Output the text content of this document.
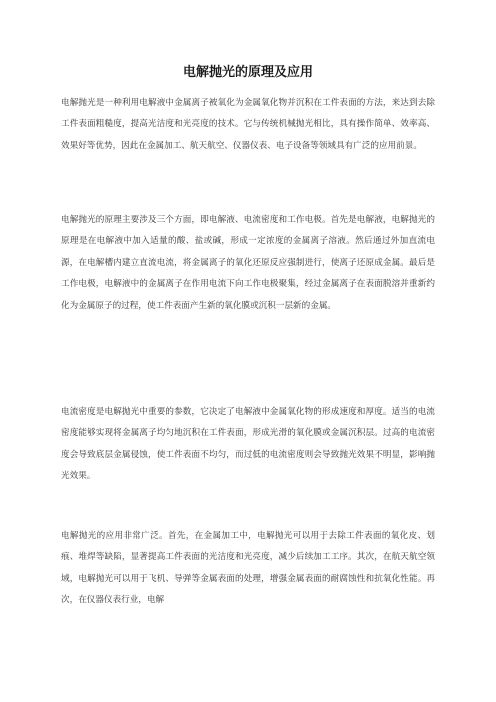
电解抛光的原理及应用

电解抛光是一种利用电解液中金属离子被氧化为金属氧化物并沉积在工件表面的方法，来达到去除工件表面粗糙度，提高光洁度和光亮度的技术。它与传统机械抛光相比，具有操作简单、效率高、效果好等优势，因此在金属加工、航天航空、仪器仪表、电子设备等领域具有广泛的应用前景。

电解抛光的原理主要涉及三个方面，即电解液、电流密度和工作电极。首先是电解液，电解抛光的原理是在电解液中加入适量的酸、盐或碱，形成一定浓度的金属离子溶液。然后通过外加直流电源，在电解槽内建立直流电流，将金属离子的氧化还原反应强制进行，使离子还原成金属。最后是工作电极，电解液中的金属离子在作用电流下向工作电极聚集，经过金属离子在表面脱溶并重新约化为金属原子的过程，使工件表面产生新的氧化膜或沉积一层新的金属。

电流密度是电解抛光中重要的参数，它决定了电解液中金属氧化物的形成速度和厚度。适当的电流密度能够实现将金属离子均匀地沉积在工件表面，形成光滑的氧化膜或金属沉积层。过高的电流密度会导致底层金属侵蚀，使工件表面不均匀，而过低的电流密度则会导致抛光效果不明显，影响抛光效果。

电解抛光的应用非常广泛。首先，在金属加工中，电解抛光可以用于去除工件表面的氧化皮、划痕、堆焊等缺陷，显著提高工件表面的光洁度和光亮度，减少后续加工工序。其次，在航天航空领域，电解抛光可以用于飞机、导弹等金属表面的处理，增强金属表面的耐腐蚀性和抗氧化性能。再次，在仪器仪表行业，电解
